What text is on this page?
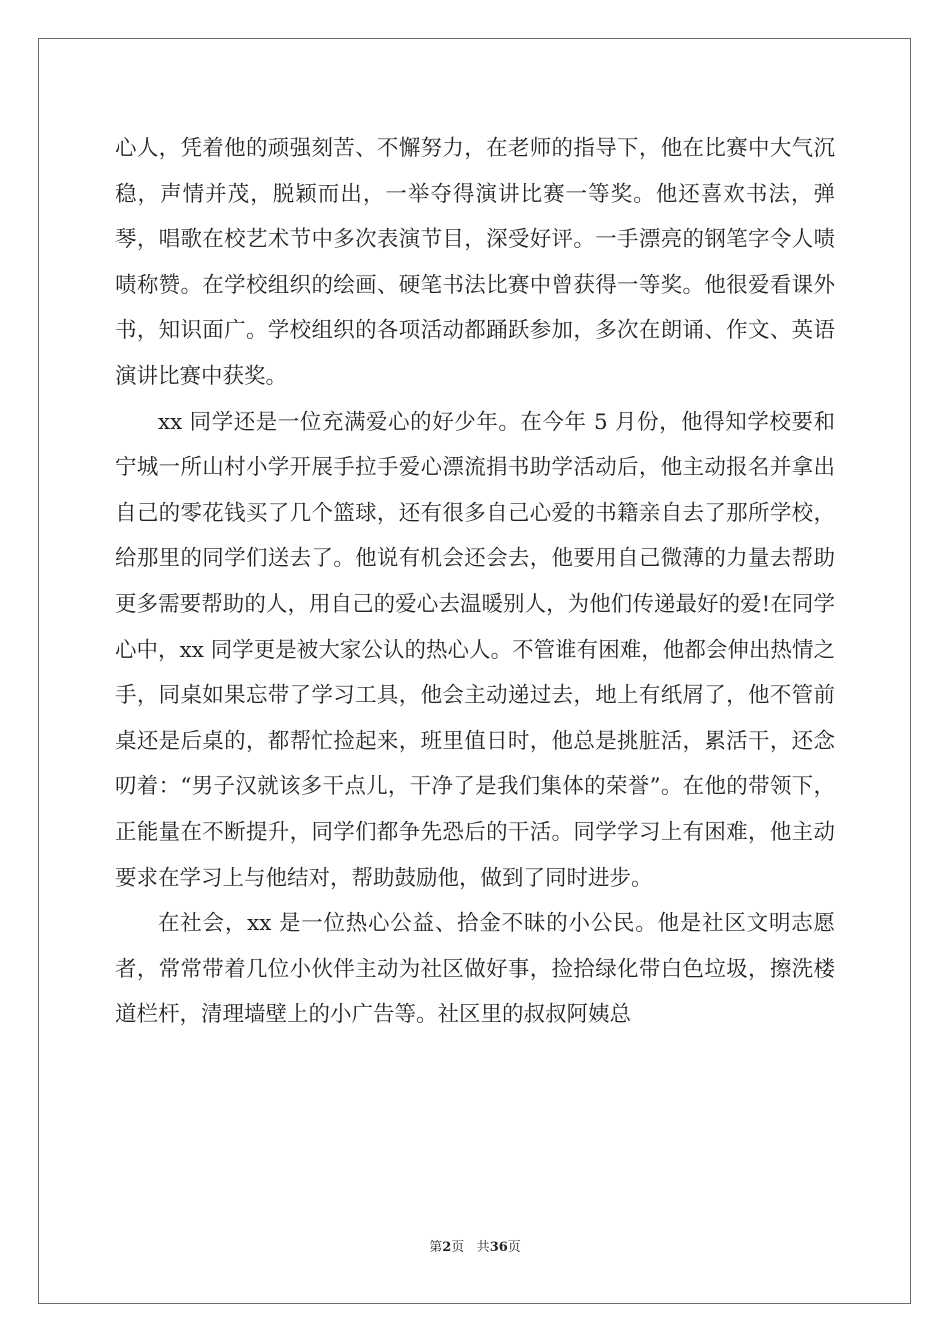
心人，凭着他的顽强刻苦、不懈努力，在老师的指导下，他在比赛中大气沉稳，声情并茂，脱颖而出，一举夺得演讲比赛一等奖。他还喜欢书法，弹琴，唱歌在校艺术节中多次表演节目，深受好评。一手漂亮的钢笔字令人啧啧称赞。在学校组织的绘画、硬笔书法比赛中曾获得一等奖。他很爱看课外书，知识面广。学校组织的各项活动都踊跃参加，多次在朗诵、作文、英语演讲比赛中获奖。

xx 同学还是一位充满爱心的好少年。在今年 5 月份，他得知学校要和宁城一所山村小学开展手拉手爱心漂流捐书助学活动后，他主动报名并拿出自己的零花钱买了几个篮球，还有很多自己心爱的书籍亲自去了那所学校，给那里的同学们送去了。他说有机会还会去，他要用自己微薄的力量去帮助更多需要帮助的人，用自己的爱心去温暖别人，为他们传递最好的爱!在同学心中，xx 同学更是被大家公认的热心人。不管谁有困难，他都会伸出热情之手，同桌如果忘带了学习工具，他会主动递过去，地上有纸屑了，他不管前桌还是后桌的，都帮忙捡起来，班里值日时，他总是挑脏活，累活干，还念叨着：“男子汉就该多干点儿，干净了是我们集体的荣誉”。在他的带领下，正能量在不断提升，同学们都争先恐后的干活。同学学习上有困难，他主动要求在学习上与他结对，帮助鼓励他，做到了同时进步。

在社会，xx 是一位热心公益、拾金不昧的小公民。他是社区文明志愿者，常常带着几位小伙伴主动为社区做好事，捡拾绿化带白色垃圾，擦洗楼道栏杆，清理墙壁上的小广告等。社区里的叔叔阿姨总

第2页 共36页
